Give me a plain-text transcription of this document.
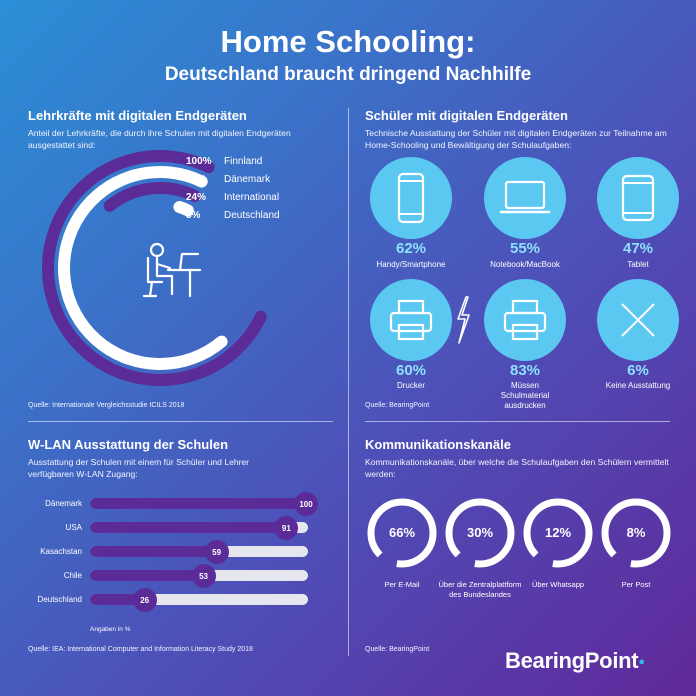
Home Schooling:
Deutschland braucht dringend Nachhilfe
Lehrkräfte mit digitalen Endgeräten
Anteil der Lehrkräfte, die durch ihre Schulen mit digitalen Endgeräten ausgestattet sind:
100%	Finnland
91%	Dänemark
24%	International
3%	Deutschland
Quelle: Internationale Vergleichsstudie ICILS 2018
Schüler mit digitalen Endgeräten
Technische Ausstattung der Schüler mit digitalen Endgeräten zur Teilnahme am Home-Schooling und Bewältigung der Schulaufgaben:
62%
Handy/Smartphone
55%
Notebook/MacBook
47%
Tablet
60%
Drucker
83%
Müssen Schulmaterial ausdrucken
6%
Keine Ausstattung
Quelle: BearingPoint
W-LAN Ausstattung der Schulen
Ausstattung der Schulen mit einem für Schüler und Lehrer verfügbaren W-LAN Zugang:
Dänemark	100
USA	91
Kasachstan	59
Chile	53
Deutschland	26
Angaben in %
Quelle: IEA: International Computer and Information Literacy Study 2018
Kommunikationskanäle
Kommunikationskanäle, über welche die Schulaufgaben den Schülern vermittelt werden:
66%
Per E-Mail
30%
Über die Zentralplattform des Bundeslandes
12%
Über Whatsapp
8%
Per Post
Quelle: BearingPoint	BearingPoint●
